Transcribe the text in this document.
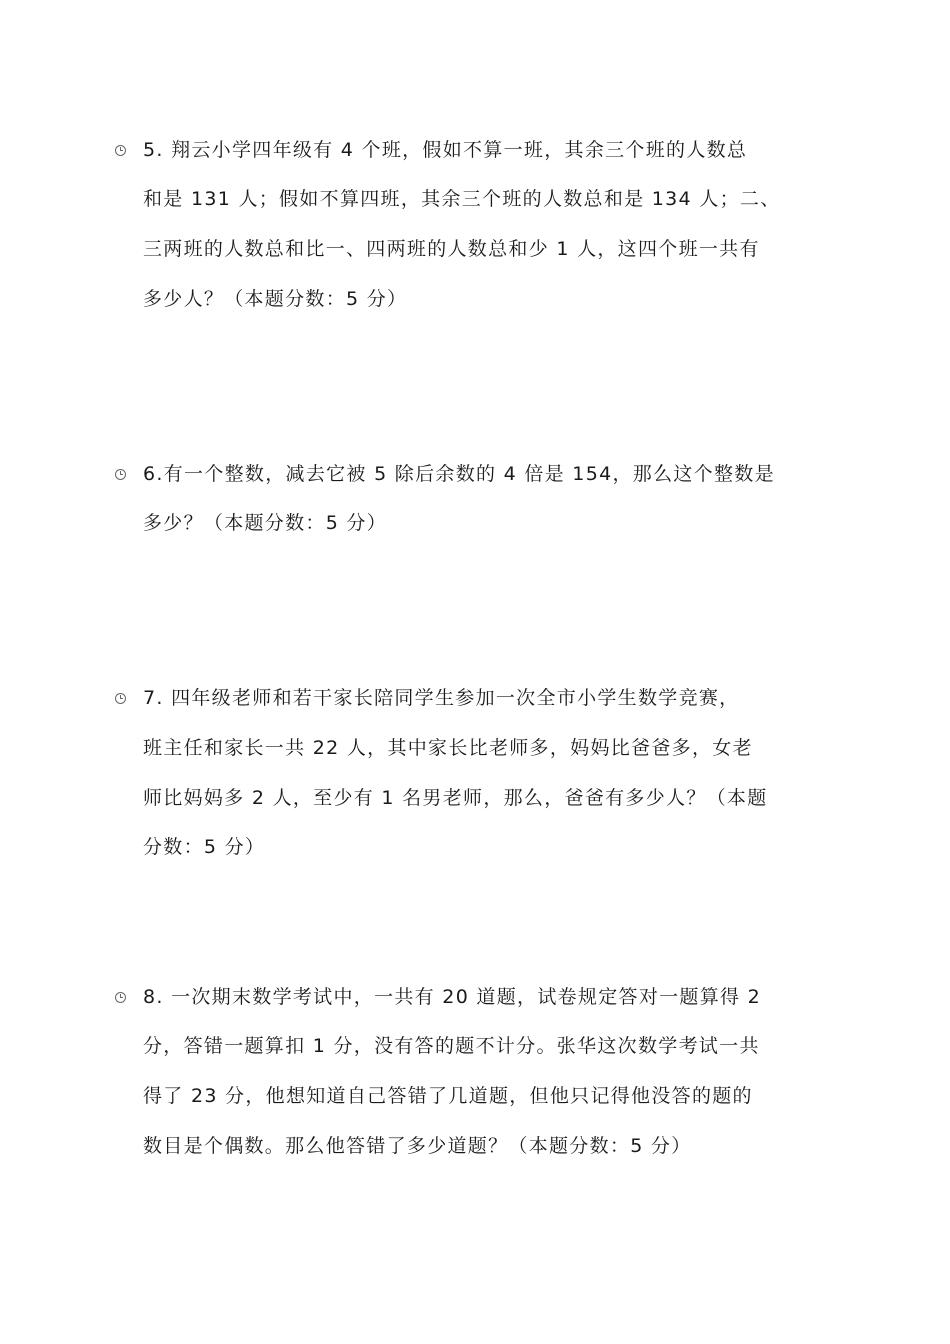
5. 翔云小学四年级有 4 个班，假如不算一班，其余三个班的人数总
和是 131 人；假如不算四班，其余三个班的人数总和是 134 人；二、
三两班的人数总和比一、四两班的人数总和少 1 人，这四个班一共有
多少人？（本题分数：5 分）
6.有一个整数，减去它被 5 除后余数的 4 倍是 154，那么这个整数是
多少？（本题分数：5 分）
7. 四年级老师和若干家长陪同学生参加一次全市小学生数学竞赛，
班主任和家长一共 22 人，其中家长比老师多，妈妈比爸爸多，女老
师比妈妈多 2 人，至少有 1 名男老师，那么，爸爸有多少人？（本题
分数：5 分）
8. 一次期末数学考试中，一共有 20 道题，试卷规定答对一题算得 2
分，答错一题算扣 1 分，没有答的题不计分。张华这次数学考试一共
得了 23 分，他想知道自己答错了几道题，但他只记得他没答的题的
数目是个偶数。那么他答错了多少道题？（本题分数：5 分）
